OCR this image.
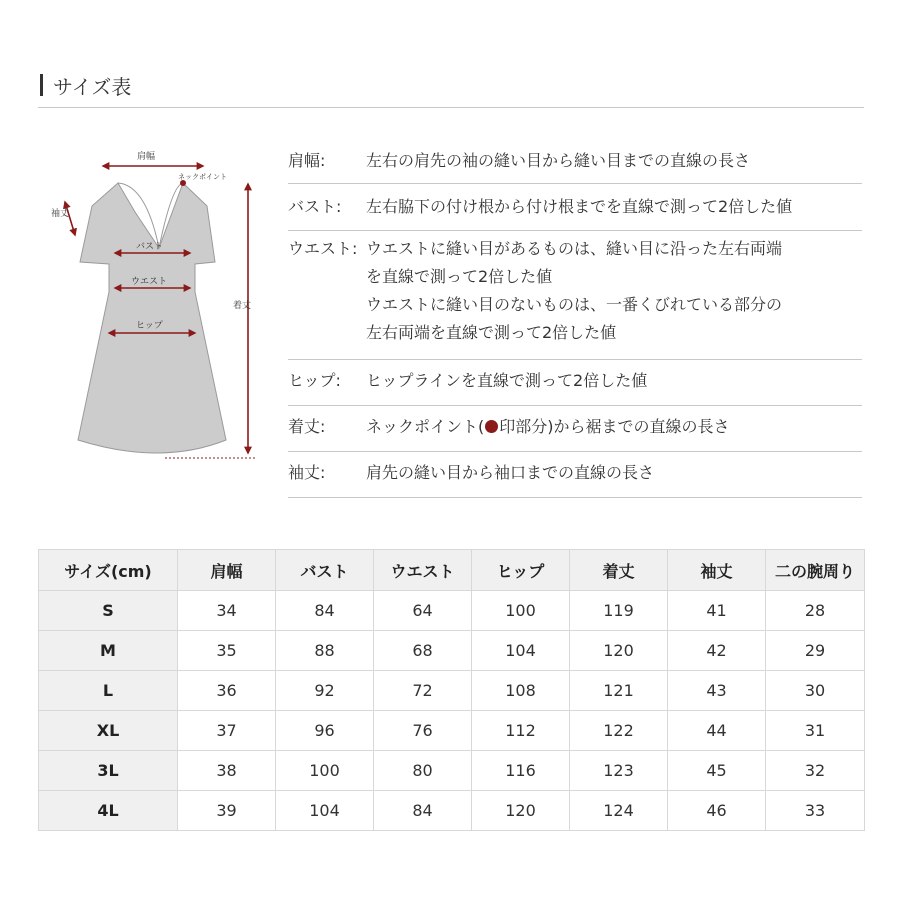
サイズ表
肩幅
ネックポイント
袖丈
バスト
ウエスト
ヒップ
着丈
肩幅:	左右の肩先の袖の縫い目から縫い目までの直線の長さ
バスト:	左右脇下の付け根から付け根までを直線で測って2倍した値
ウエスト: ウエストに縫い目があるものは、縫い目に沿った左右両端
を直線で測って2倍した値
ウエストに縫い目のないものは、一番くびれている部分の
左右両端を直線で測って2倍した値
ヒップ:	ヒップラインを直線で測って2倍した値
着丈:	ネックポイント( 印部分)から裾までの直線の長さ
袖丈:	肩先の縫い目から袖口までの直線の長さ
サイズ(cm)	肩幅	バスト	ウエスト	ヒップ	着丈	袖丈	二の腕周り
S	34	84	64	100	119	41	28
M	35	88	68	104	120	42	29
L	36	92	72	108	121	43	30
XL	37	96	76	112	122	44	31
3L	38	100	80	116	123	45	32
4L	39	104	84	120	124	46	33
